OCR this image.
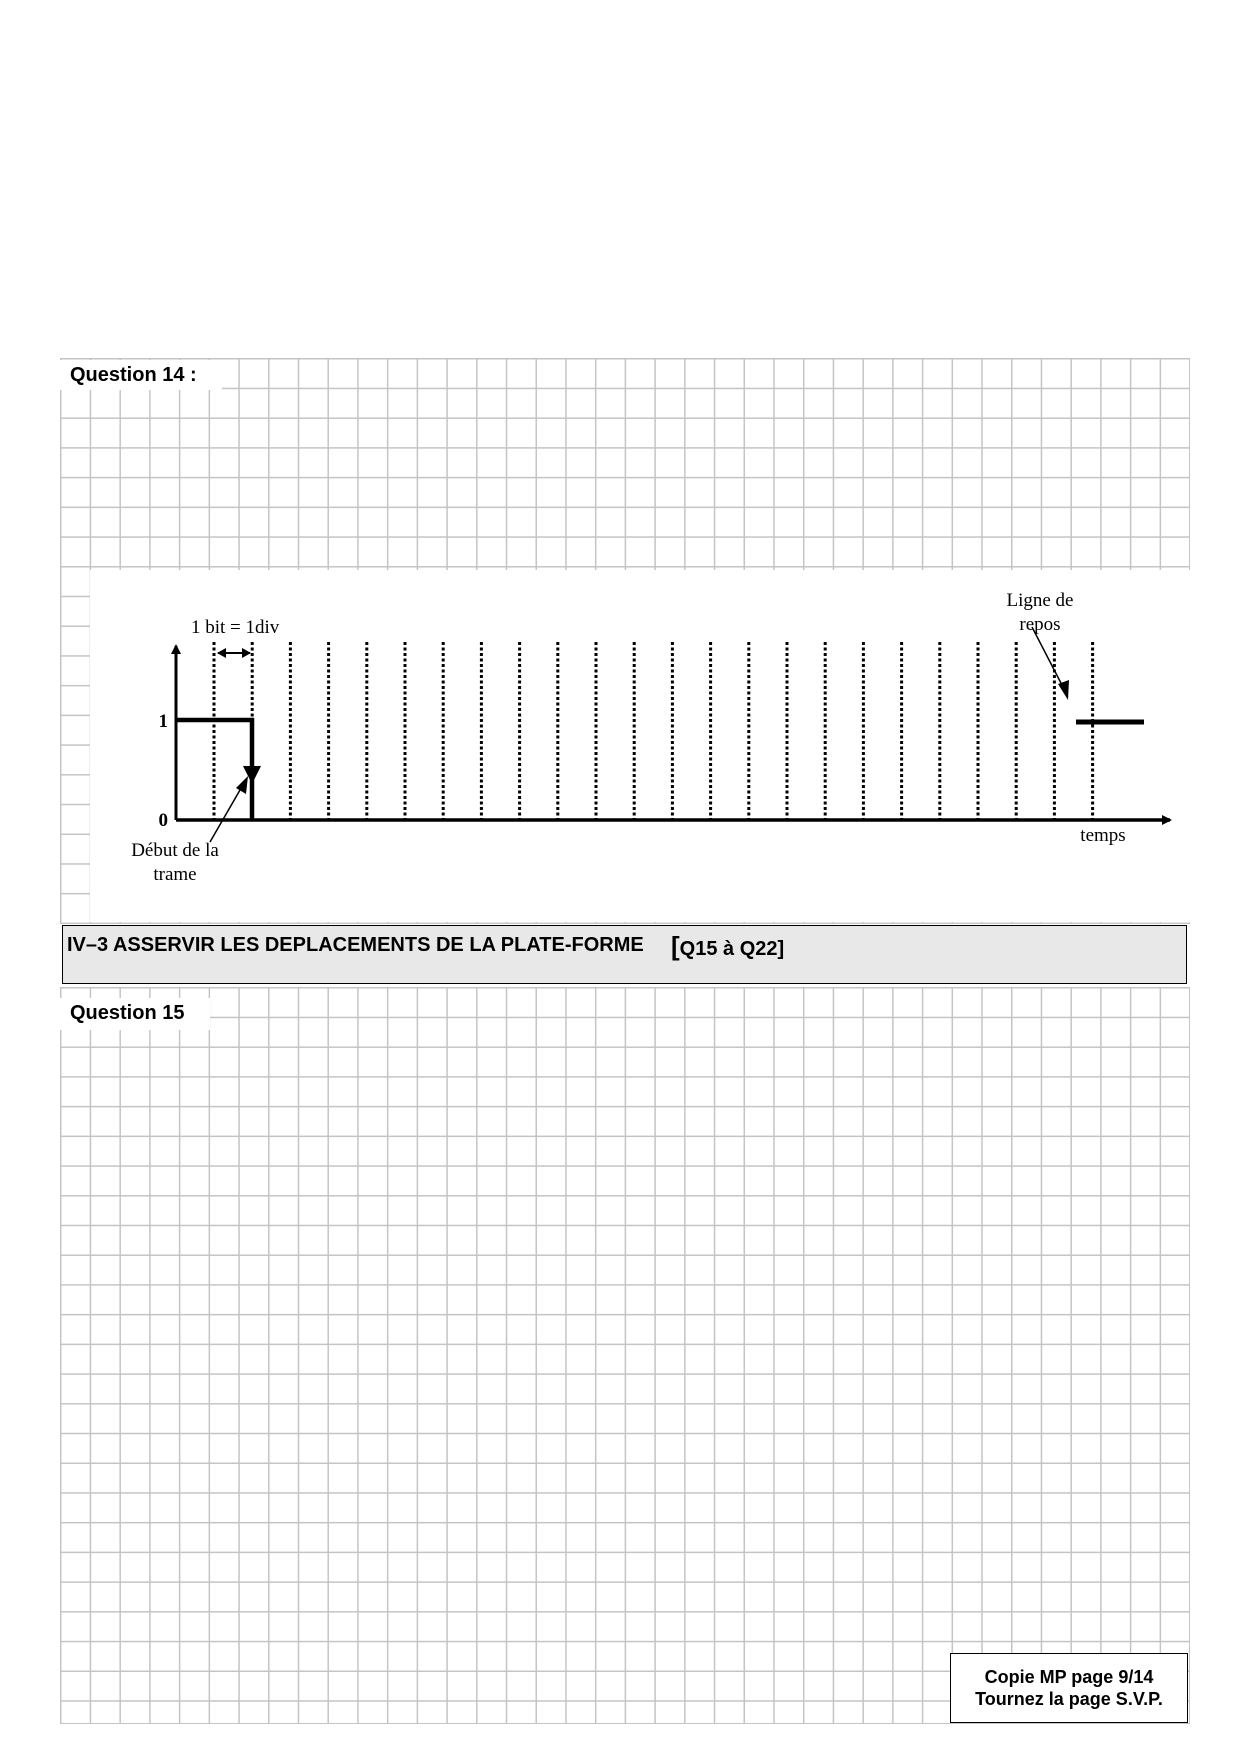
Question 14 :
1 bit = 1div
1
0
Ligne de
repos
Début de la
trame
temps
IV–3 ASSERVIR LES DEPLACEMENTS DE LA PLATE-FORME [Q15 à Q22]
Question 15
Copie MP page 9/14
Tournez la page S.V.P.
